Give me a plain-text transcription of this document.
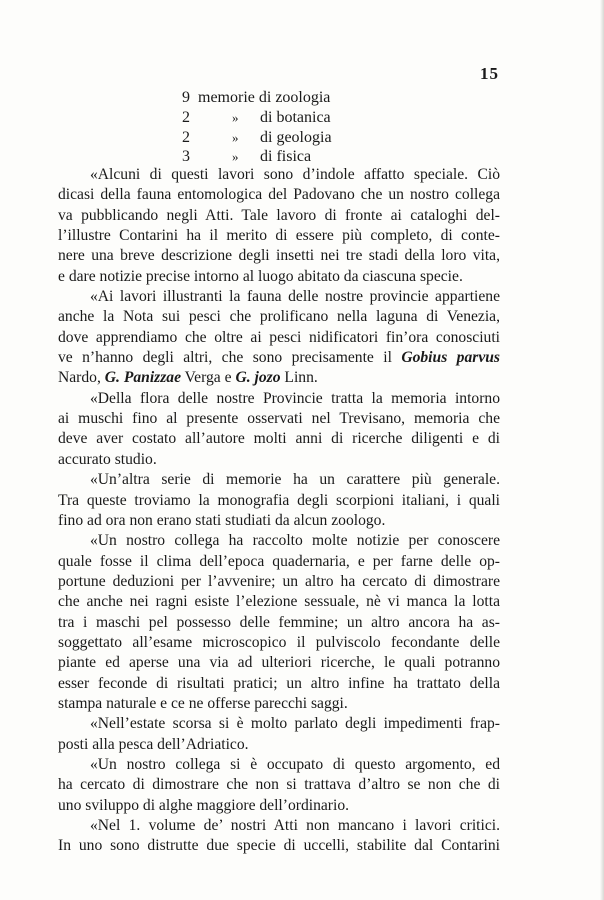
15
9 memorie di zoologia
2	» di botanica
2	» di geologia
3	» di fisica
«Alcuni di questi lavori sono d’indole affatto speciale. Ciò
dicasi della fauna entomologica del Padovano che un nostro collega
va pubblicando negli Atti. Tale lavoro di fronte ai cataloghi del-
l’illustre Contarini ha il merito di essere più completo, di conte-
nere una breve descrizione degli insetti nei tre stadi della loro vita,
e dare notizie precise intorno al luogo abitato da ciascuna specie.
«Ai lavori illustranti la fauna delle nostre provincie appartiene
anche la Nota sui pesci che prolificano nella laguna di Venezia,
dove apprendiamo che oltre ai pesci nidificatori fin’ora conosciuti
ve n’hanno degli altri, che sono precisamente il Gobius parvus
Nardo, G. Panizzae Verga e G. jozo Linn.
«Della flora delle nostre Provincie tratta la memoria intorno
ai muschi fino al presente osservati nel Trevisano, memoria che
deve aver costato all’autore molti anni di ricerche diligenti e di
accurato studio.
«Un’altra serie di memorie ha un carattere più generale.
Tra queste troviamo la monografia degli scorpioni italiani, i quali
fino ad ora non erano stati studiati da alcun zoologo.
«Un nostro collega ha raccolto molte notizie per conoscere
quale fosse il clima dell’epoca quadernaria, e per farne delle op-
portune deduzioni per l’avvenire; un altro ha cercato di dimostrare
che anche nei ragni esiste l’elezione sessuale, nè vi manca la lotta
tra i maschi pel possesso delle femmine; un altro ancora ha as-
soggettato all’esame microscopico il pulviscolo fecondante delle
piante ed aperse una via ad ulteriori ricerche, le quali potranno
esser feconde di risultati pratici; un altro infine ha trattato della
stampa naturale e ce ne offerse parecchi saggi.
«Nell’estate scorsa si è molto parlato degli impedimenti frap-
posti alla pesca dell’Adriatico.
«Un nostro collega si è occupato di questo argomento, ed
ha cercato di dimostrare che non si trattava d’altro se non che di
uno sviluppo di alghe maggiore dell’ordinario.
«Nel 1. volume de’ nostri Atti non mancano i lavori critici.
In uno sono distrutte due specie di uccelli, stabilite dal Contarini
